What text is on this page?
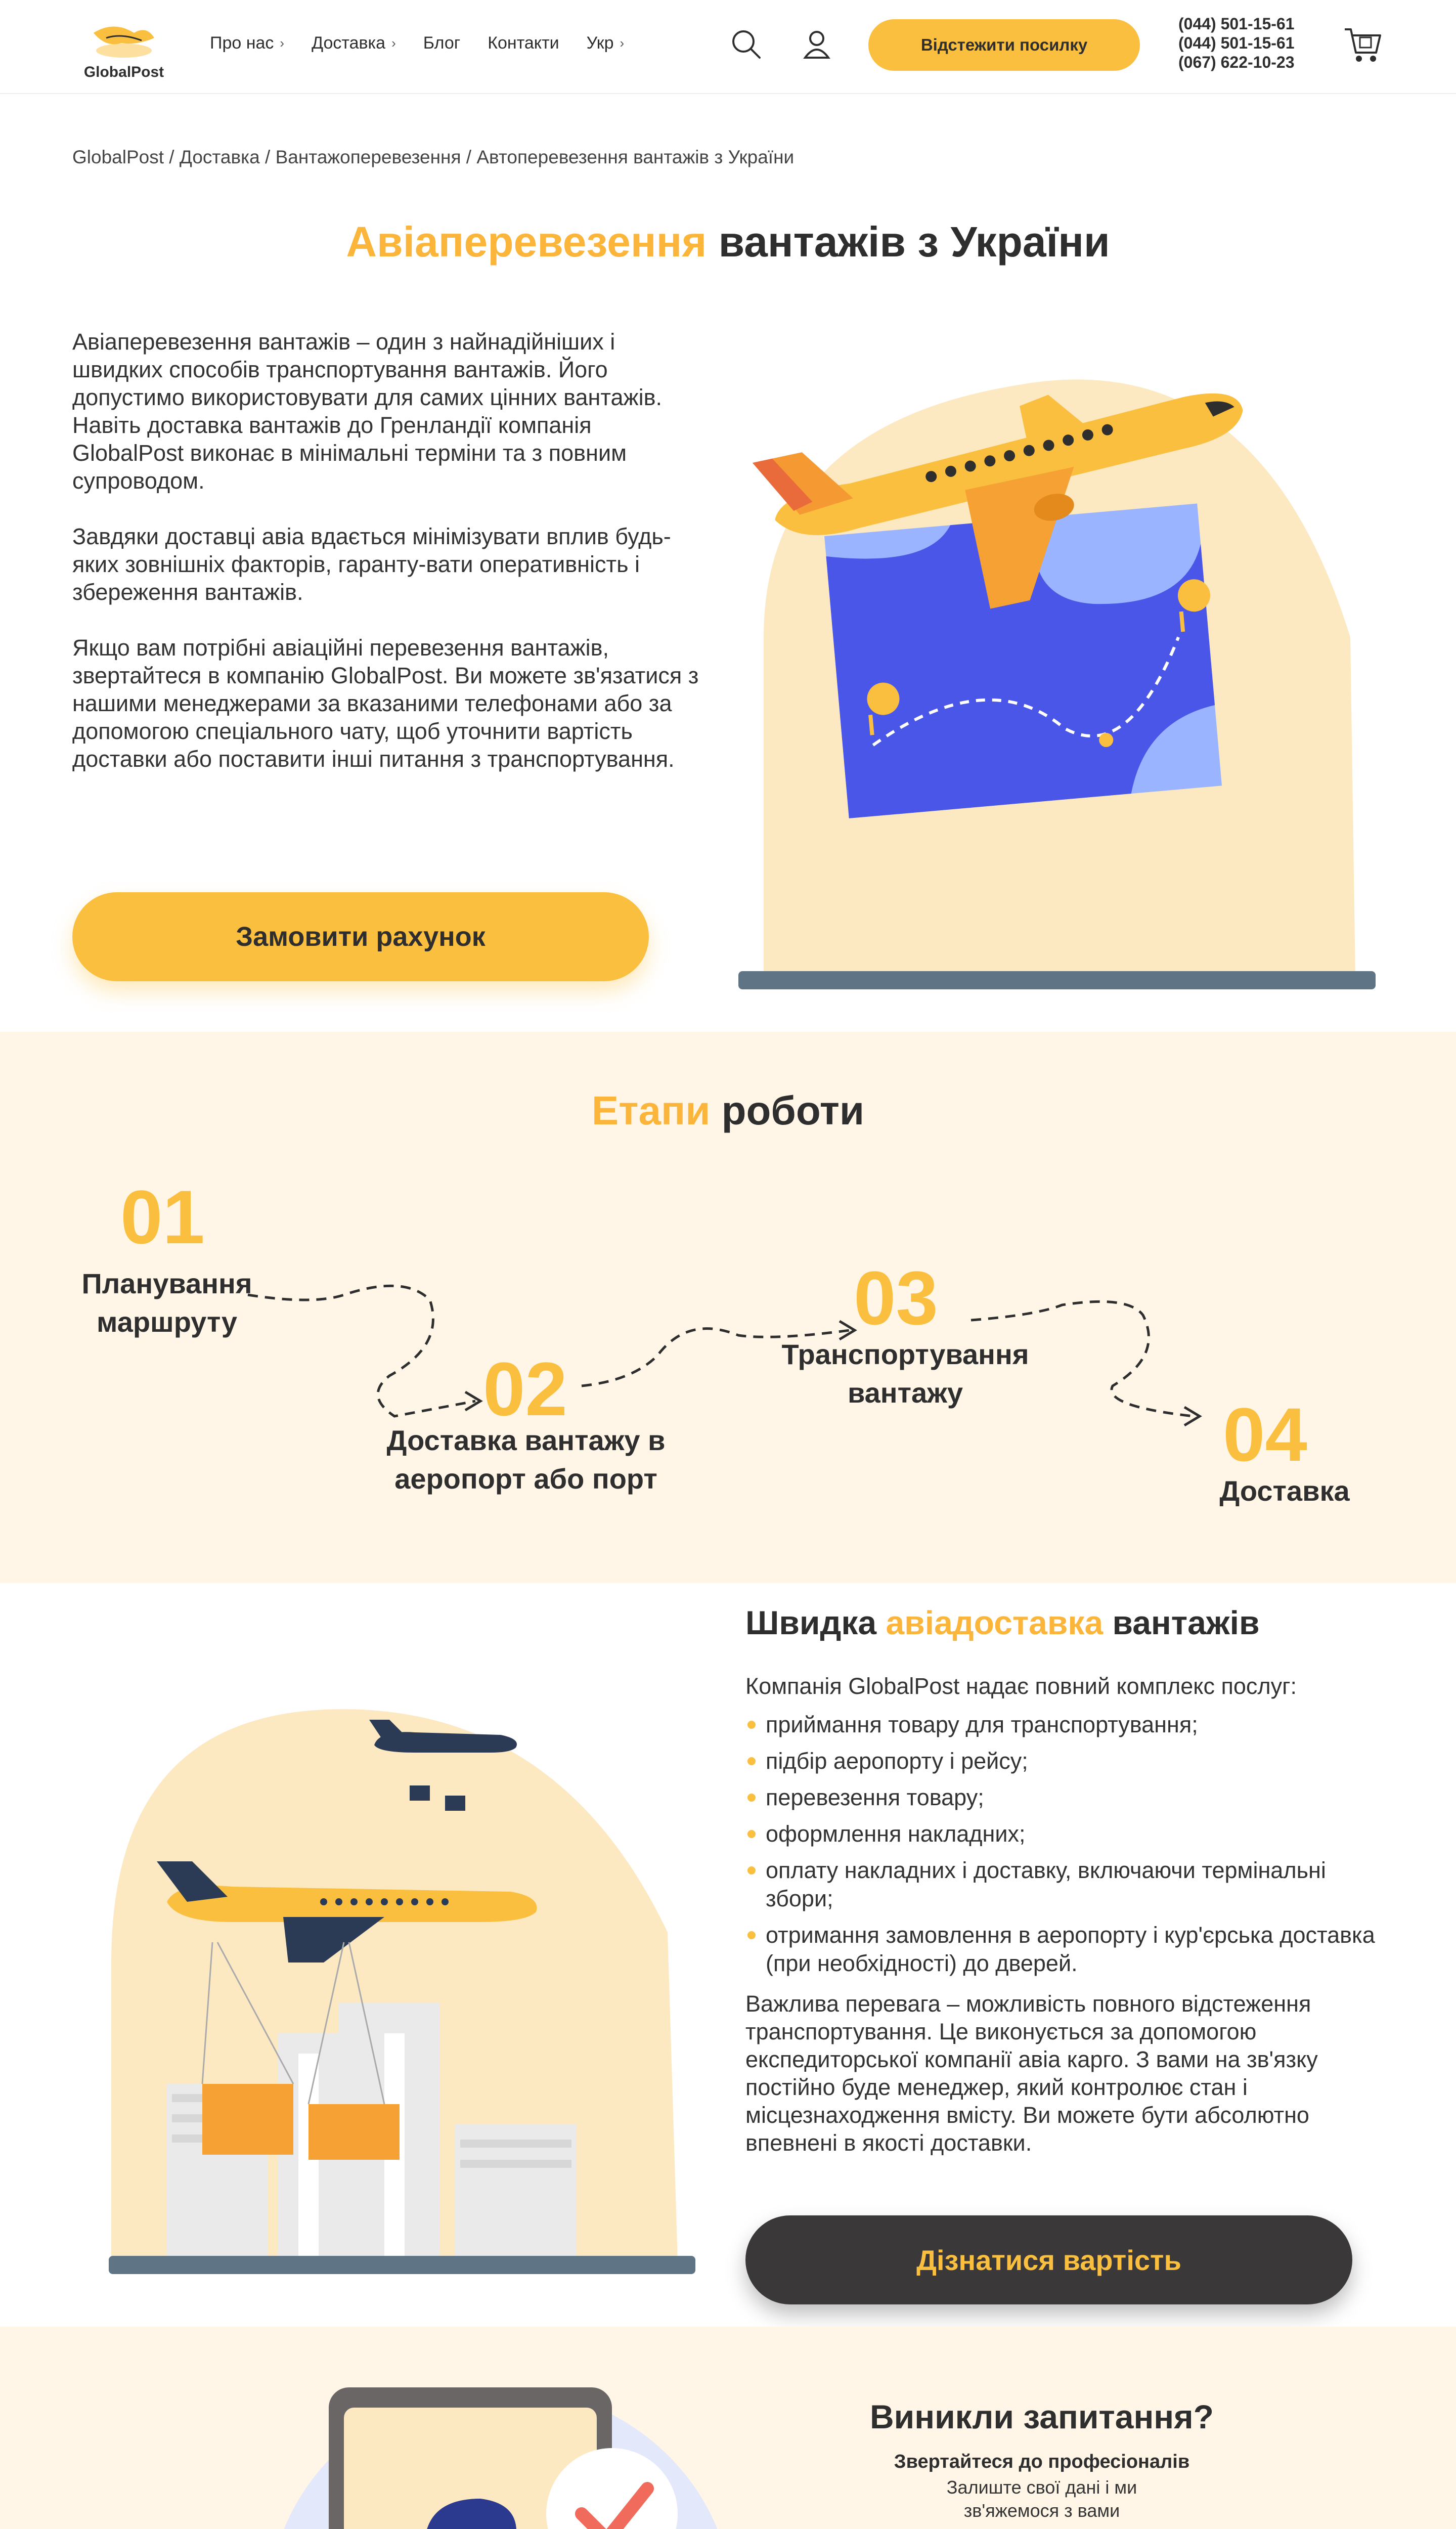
GlobalPost
Про нас › Доставка › Блог Контакти Укр ›	Відстежити посилку
(044) 501-15-61
(044) 501-15-61
(067) 622-10-23
GlobalPost / Доставка / Вантажоперевезення / Автоперевезення вантажів з України
Авіаперевезення вантажів з України

Авіаперевезення вантажів – один з найнадійніших і швидких способів транспортування вантажів. Його допустимо використовувати для самих цінних вантажів. Навіть доставка вантажів до Гренландії компанія GlobalPost виконає в мінімальні терміни та з повним супроводом.

Завдяки доставці авіа вдається мінімізувати вплив будь-яких зовнішніх факторів, гаранту-вати оперативність і збереження вантажів.

Якщо вам потрібні авіаційні перевезення вантажів, звертайтеся в компанію GlobalPost. Ви можете зв'язатися з нашими менеджерами за вказаними телефонами або за допомогою спеціального чату, щоб уточнити вартість доставки або поставити інші питання з транспортування.

Замовити рахунок
Етапи роботи
01
Планування маршруту
02
Доставка вантажу в аеропорт або порт
03
Транспортування вантажу	04
Доставка
Швидка авіадоставка вантажів
Компанія GlobalPost надає повний комплекс послуг:
приймання товару для транспортування;
підбір аеропорту і рейсу;
перевезення товару;
оформлення накладних;
оплату накладних і доставку, включаючи термінальні збори;
отримання замовлення в аеропорту і кур'єрська доставка (при необхідності) до дверей.
Важлива перевага – можливість повного відстеження транспортування. Це виконується за допомогою експедиторської компанії авіа карго. З вами на зв'язку постійно буде менеджер, який контролює стан і місцезнаходження вмісту. Ви можете бути абсолютно впевнені в якості доставки.
Дізнатися вартість
Виникли запитання?
Звертайтеся до професіоналів
Залиште свої дані і ми
зв'яжемося з вами
